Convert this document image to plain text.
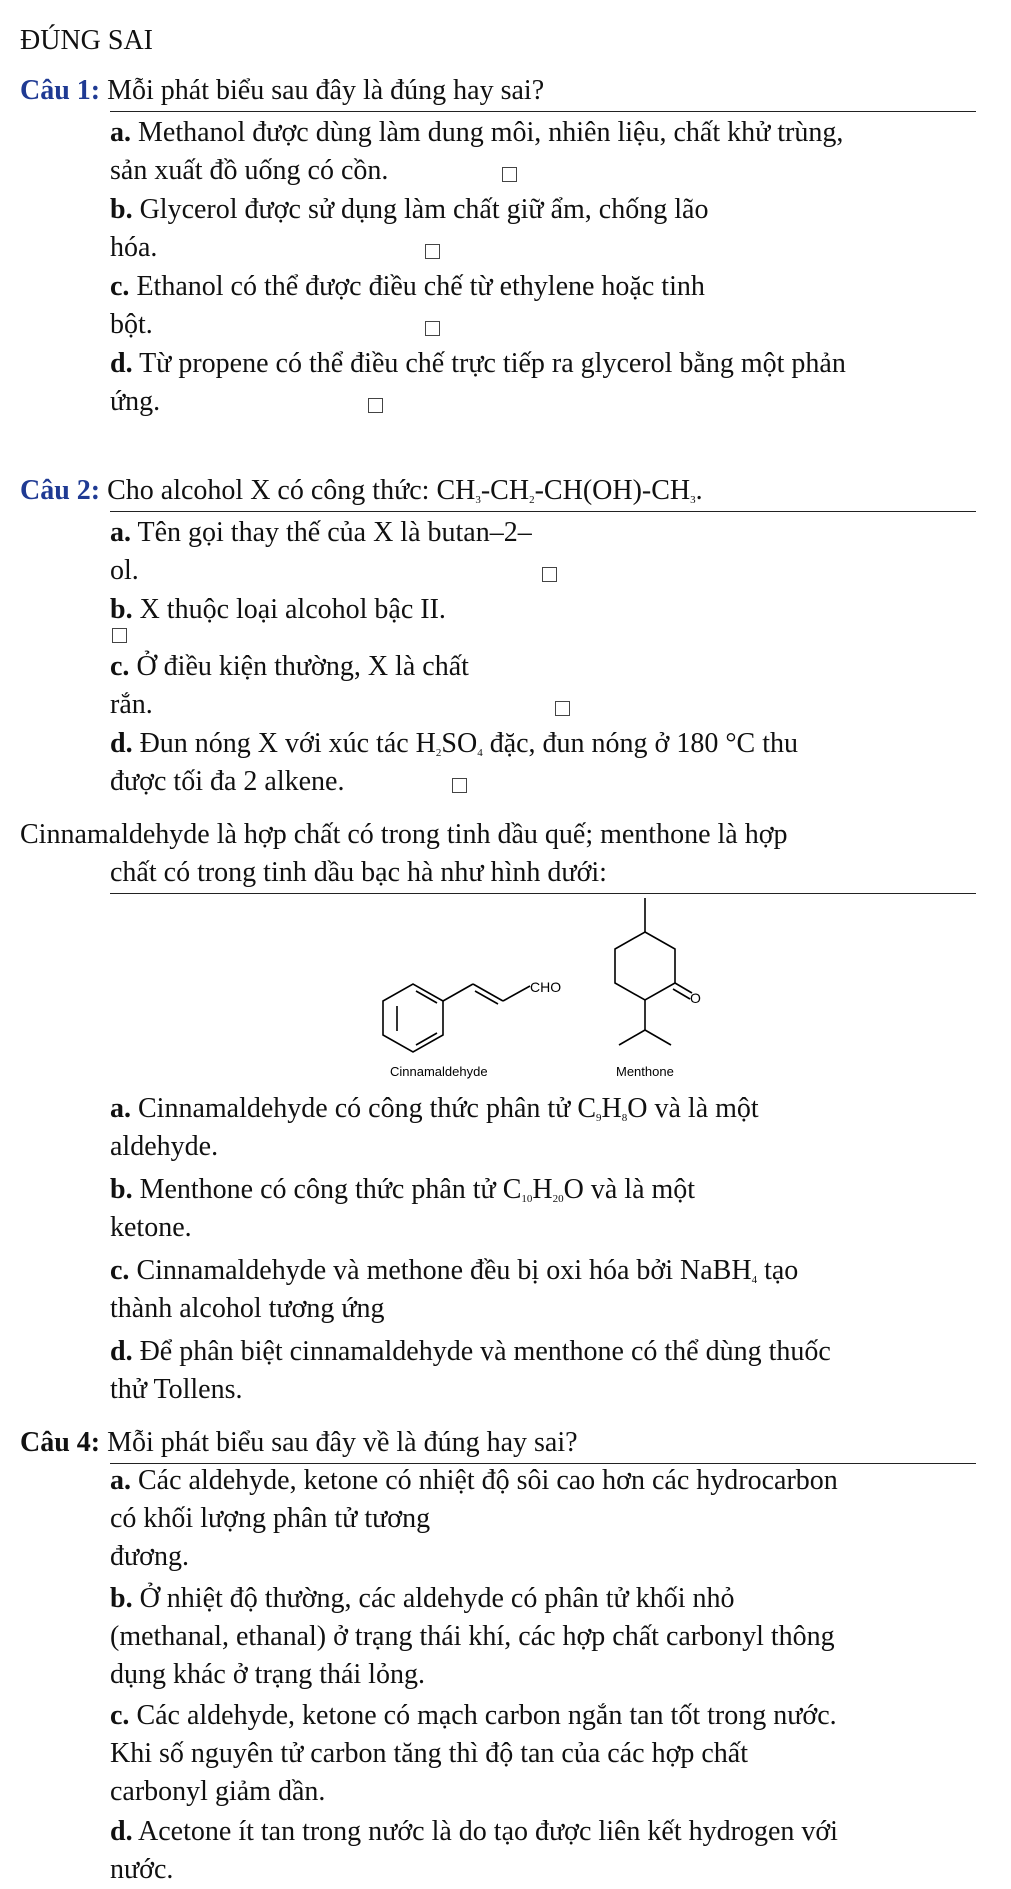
ĐÚNG SAI
Câu 1: Mỗi phát biểu sau đây là đúng hay sai?
a. Methanol được dùng làm dung môi, nhiên liệu, chất khử trùng,
sản xuất đồ uống có cồn.
b. Glycerol được sử dụng làm chất giữ ẩm, chống lão
hóa.
c. Ethanol có thể được điều chế từ ethylene hoặc tinh
bột.
d. Từ propene có thể điều chế trực tiếp ra glycerol bằng một phản
ứng.
Câu 2: Cho alcohol X có công thức: $CH_3-CH_2-CH(OH)-CH_3$.
a. Tên gọi thay thế của X là butan–2–
ol.
b. X thuộc loại alcohol bậc II.
c. Ở điều kiện thường, X là chất
rắn.
d. Đun nóng X với xúc tác $H_2SO_4$ đặc, đun nóng ở 180 °C thu
được tối đa 2 alkene.
Cinnamaldehyde là hợp chất có trong tinh dầu quế; menthone là hợp
chất có trong tinh dầu bạc hà như hình dưới:
CHO
Cinnamaldehyde
O
Menthone
a. Cinnamaldehyde có công thức phân tử $C_9H_8O$ và là một
aldehyde.
b. Menthone có công thức phân tử $C_{10}H_{20}O$ và là một
ketone.
c. Cinnamaldehyde và methone đều bị oxi hóa bởi NaBH$_4$ tạo
thành alcohol tương ứng
d. Để phân biệt cinnamaldehyde và menthone có thể dùng thuốc
thử Tollens.
Câu 4: Mỗi phát biểu sau đây về là đúng hay sai?
a. Các aldehyde, ketone có nhiệt độ sôi cao hơn các hydrocarbon
có khối lượng phân tử tương
đương.
b. Ở nhiệt độ thường, các aldehyde có phân tử khối nhỏ
(methanal, ethanal) ở trạng thái khí, các hợp chất carbonyl thông
dụng khác ở trạng thái lỏng.
c. Các aldehyde, ketone có mạch carbon ngắn tan tốt trong nước.
Khi số nguyên tử carbon tăng thì độ tan của các hợp chất
carbonyl giảm dần.
d. Acetone ít tan trong nước là do tạo được liên kết hydrogen với
nước.
